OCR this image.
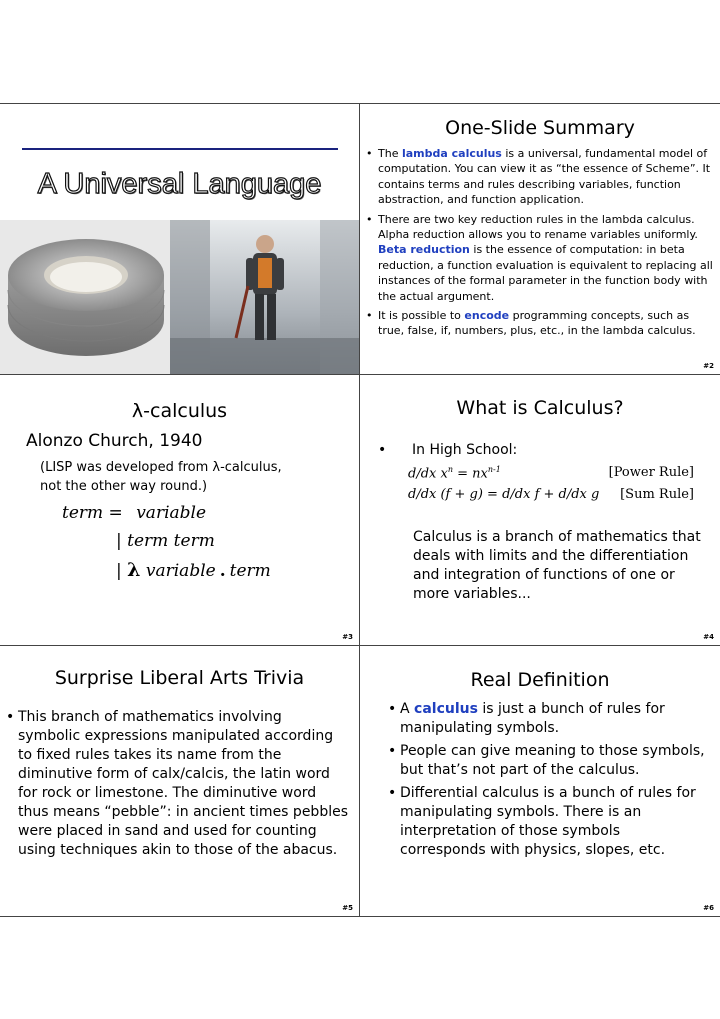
A Universal Language
One-Slide Summary
• The lambda calculus is a universal, fundamental model of computation. You can view it as “the essence of Scheme”. It contains terms and rules describing variables, function abstraction, and function application.
• There are two key reduction rules in the lambda calculus. Alpha reduction allows you to rename variables uniformly. Beta reduction is the essence of computation: in beta reduction, a function evaluation is equivalent to replacing all instances of the formal parameter in the function body with the actual argument.
• It is possible to encode programming concepts, such as true, false, if, numbers, plus, etc., in the lambda calculus.
#2
λ-calculus
Alonzo Church, 1940
(LISP was developed from λ-calculus,
not the other way round.)
term = variable
| term term
| λ variable . term
#3
What is Calculus?
• In High School:
d/dx $x^n = nx^{n-1}$	[Power Rule]
d/dx (f + g) = d/dx f + d/dx g [Sum Rule]
Calculus is a branch of mathematics that deals with limits and the differentiation and integration of functions of one or more variables...
#4
Surprise Liberal Arts Trivia
• This branch of mathematics involving symbolic expressions manipulated according to fixed rules takes its name from the diminutive form of calx/calcis, the latin word for rock or limestone. The diminutive word thus means “pebble”: in ancient times pebbles were placed in sand and used for counting using techniques akin to those of the abacus.
#5
Real Definition
• A calculus is just a bunch of rules for manipulating symbols.
• People can give meaning to those symbols, but that’s not part of the calculus.
• Differential calculus is a bunch of rules for manipulating symbols. There is an interpretation of those symbols corresponds with physics, slopes, etc.
#6
